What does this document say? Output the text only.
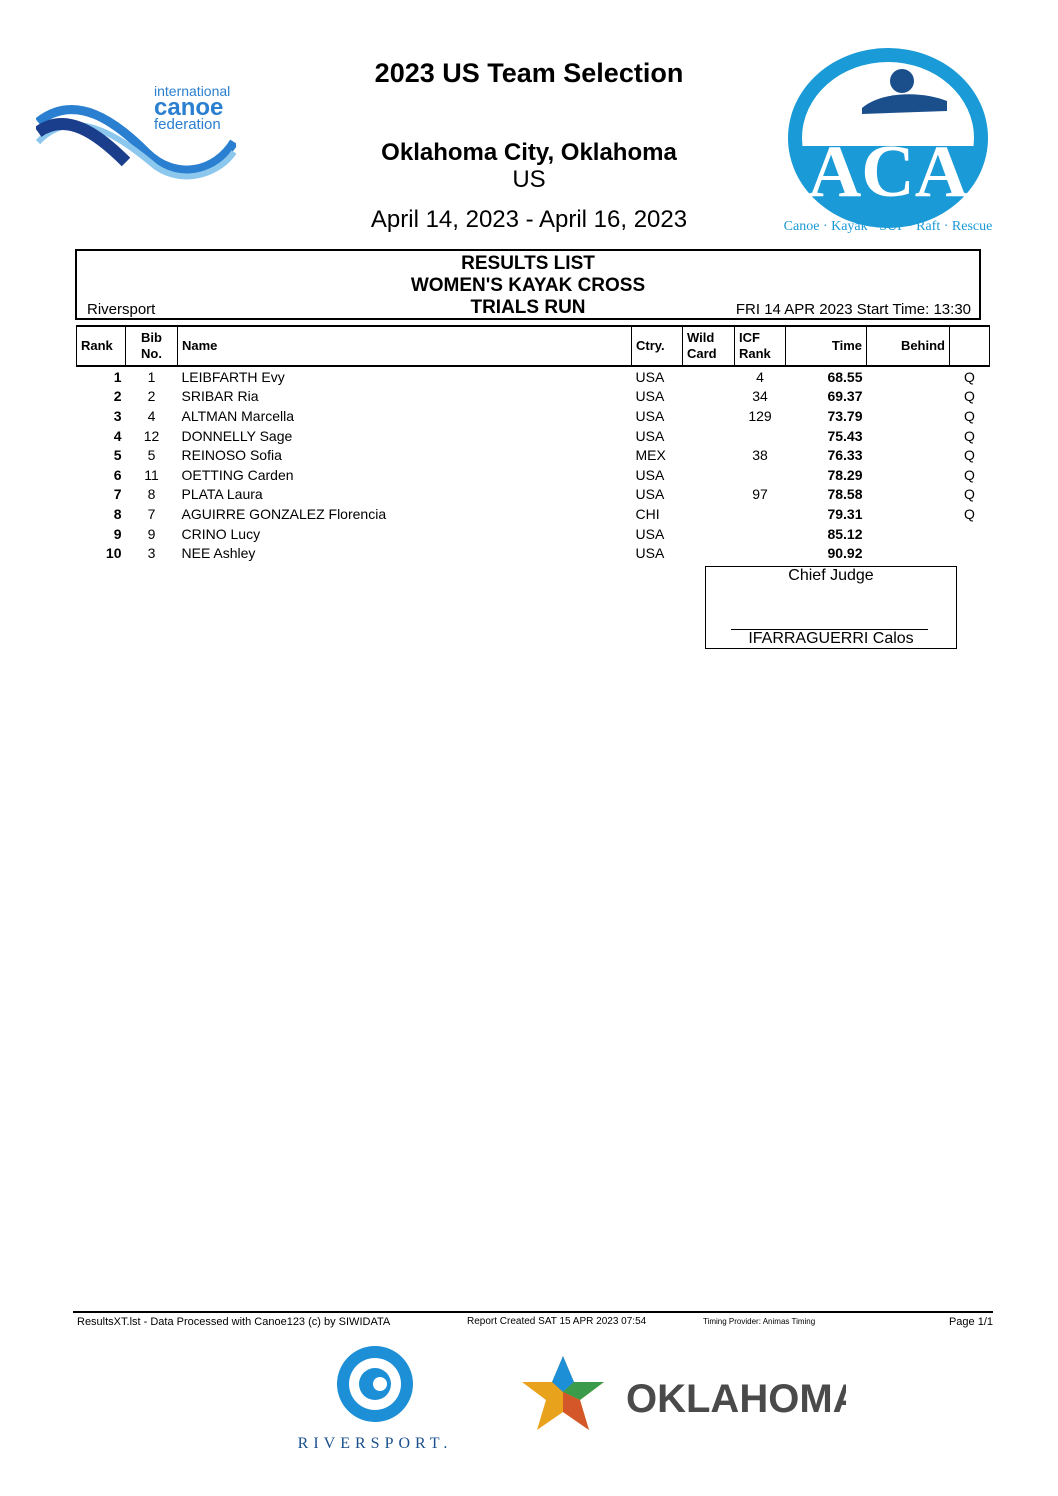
international
canoe
federation
ACA
Canoe · Kayak · SUP · Raft · Rescue
2023 US Team Selection
Oklahoma City, Oklahoma
US
April 14, 2023 - April 16, 2023
RESULTS LIST
WOMEN'S KAYAK CROSS
TRIALS RUN
Riversport	FRI 14 APR 2023 Start Time: 13:30
Rank	Bib No.	Name	Ctry.	Wild Card	ICF Rank	Time	Behind	
1	1	LEIBFARTH Evy	USA		4	68.55		Q
2	2	SRIBAR Ria	USA		34	69.37		Q
3	4	ALTMAN Marcella	USA		129	73.79		Q
4	12	DONNELLY Sage	USA			75.43		Q
5	5	REINOSO Sofia	MEX		38	76.33		Q
6	11	OETTING Carden	USA			78.29		Q
7	8	PLATA Laura	USA		97	78.58		Q
8	7	AGUIRRE GONZALEZ Florencia	CHI			79.31		Q
9	9	CRINO Lucy	USA			85.12		
10	3	NEE Ashley	USA			90.92		
Chief Judge
IFARRAGUERRI Calos
ResultsXT.lst - Data Processed with Canoe123 (c) by SIWIDATA	Report Created SAT 15 APR 2023 07:54	Timing Provider: Animas Timing	Page 1/1
RIVERSPORT.
OKLAHOMA
